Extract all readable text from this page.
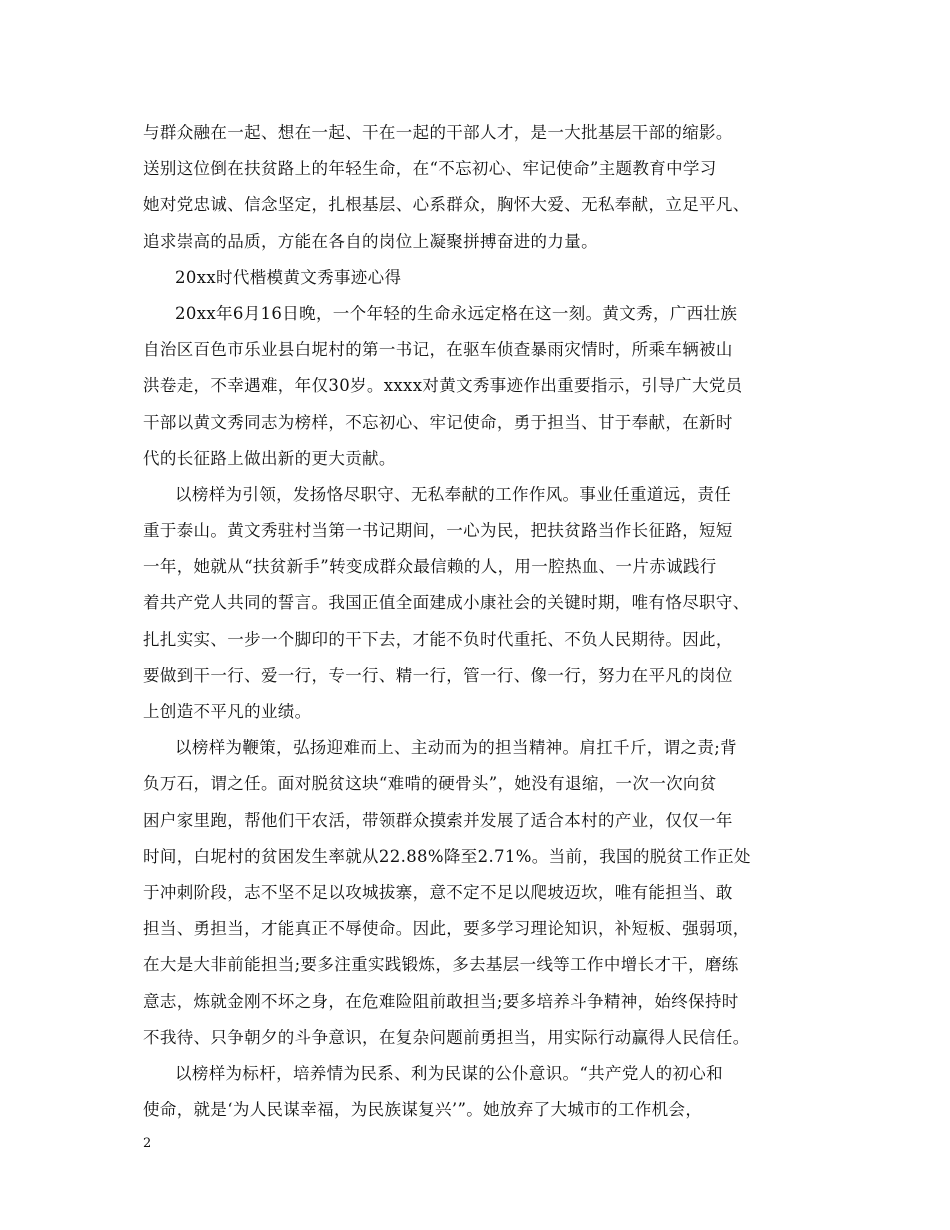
与群众融在一起、想在一起、干在一起的干部人才，是一大批基层干部的缩影。
送别这位倒在扶贫路上的年轻生命，在“不忘初心、牢记使命”主题教育中学习
她对党忠诚、信念坚定，扎根基层、心系群众，胸怀大爱、无私奉献，立足平凡、
追求崇高的品质，方能在各自的岗位上凝聚拼搏奋进的力量。
20xx时代楷模黄文秀事迹心得
20xx年6月16日晚，一个年轻的生命永远定格在这一刻。黄文秀，广西壮族
自治区百色市乐业县白坭村的第一书记，在驱车侦查暴雨灾情时，所乘车辆被山
洪卷走，不幸遇难，年仅30岁。xxxx对黄文秀事迹作出重要指示，引导广大党员
干部以黄文秀同志为榜样，不忘初心、牢记使命，勇于担当、甘于奉献，在新时
代的长征路上做出新的更大贡献。
以榜样为引领，发扬恪尽职守、无私奉献的工作作风。事业任重道远，责任
重于泰山。黄文秀驻村当第一书记期间，一心为民，把扶贫路当作长征路，短短
一年，她就从“扶贫新手”转变成群众最信赖的人，用一腔热血、一片赤诚践行
着共产党人共同的誓言。我国正值全面建成小康社会的关键时期，唯有恪尽职守、
扎扎实实、一步一个脚印的干下去，才能不负时代重托、不负人民期待。因此，
要做到干一行、爱一行，专一行、精一行，管一行、像一行，努力在平凡的岗位
上创造不平凡的业绩。
以榜样为鞭策，弘扬迎难而上、主动而为的担当精神。肩扛千斤，谓之责;背
负万石，谓之任。面对脱贫这块“难啃的硬骨头”，她没有退缩，一次一次向贫
困户家里跑，帮他们干农活，带领群众摸索并发展了适合本村的产业，仅仅一年
时间，白坭村的贫困发生率就从22.88%降至2.71%。当前，我国的脱贫工作正处
于冲刺阶段，志不坚不足以攻城拔寨，意不定不足以爬坡迈坎，唯有能担当、敢
担当、勇担当，才能真正不辱使命。因此，要多学习理论知识，补短板、强弱项，
在大是大非前能担当;要多注重实践锻炼，多去基层一线等工作中增长才干，磨练
意志，炼就金刚不坏之身，在危难险阻前敢担当;要多培养斗争精神，始终保持时
不我待、只争朝夕的斗争意识，在复杂问题前勇担当，用实际行动赢得人民信任。
以榜样为标杆，培养情为民系、利为民谋的公仆意识。“共产党人的初心和
使命，就是‘为人民谋幸福，为民族谋复兴’”。她放弃了大城市的工作机会，
2
